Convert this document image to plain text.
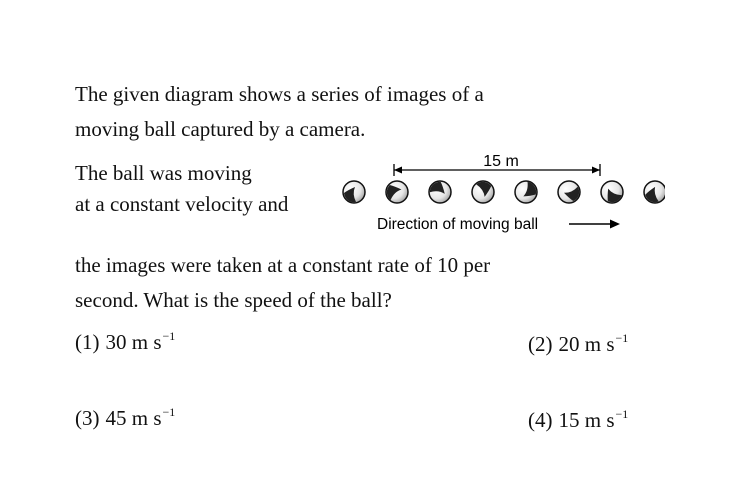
The given diagram shows a series of images of a
moving ball captured by a camera.
The ball was moving
at a constant velocity and
15 m
Direction of moving ball
the images were taken at a constant rate of 10 per
second. What is the speed of the ball?
(1) 30 m $s^{-1}$	(2) 20 m $s^{-1}$
(3) 45 m $s^{-1}$	(4) 15 m $s^{-1}$
